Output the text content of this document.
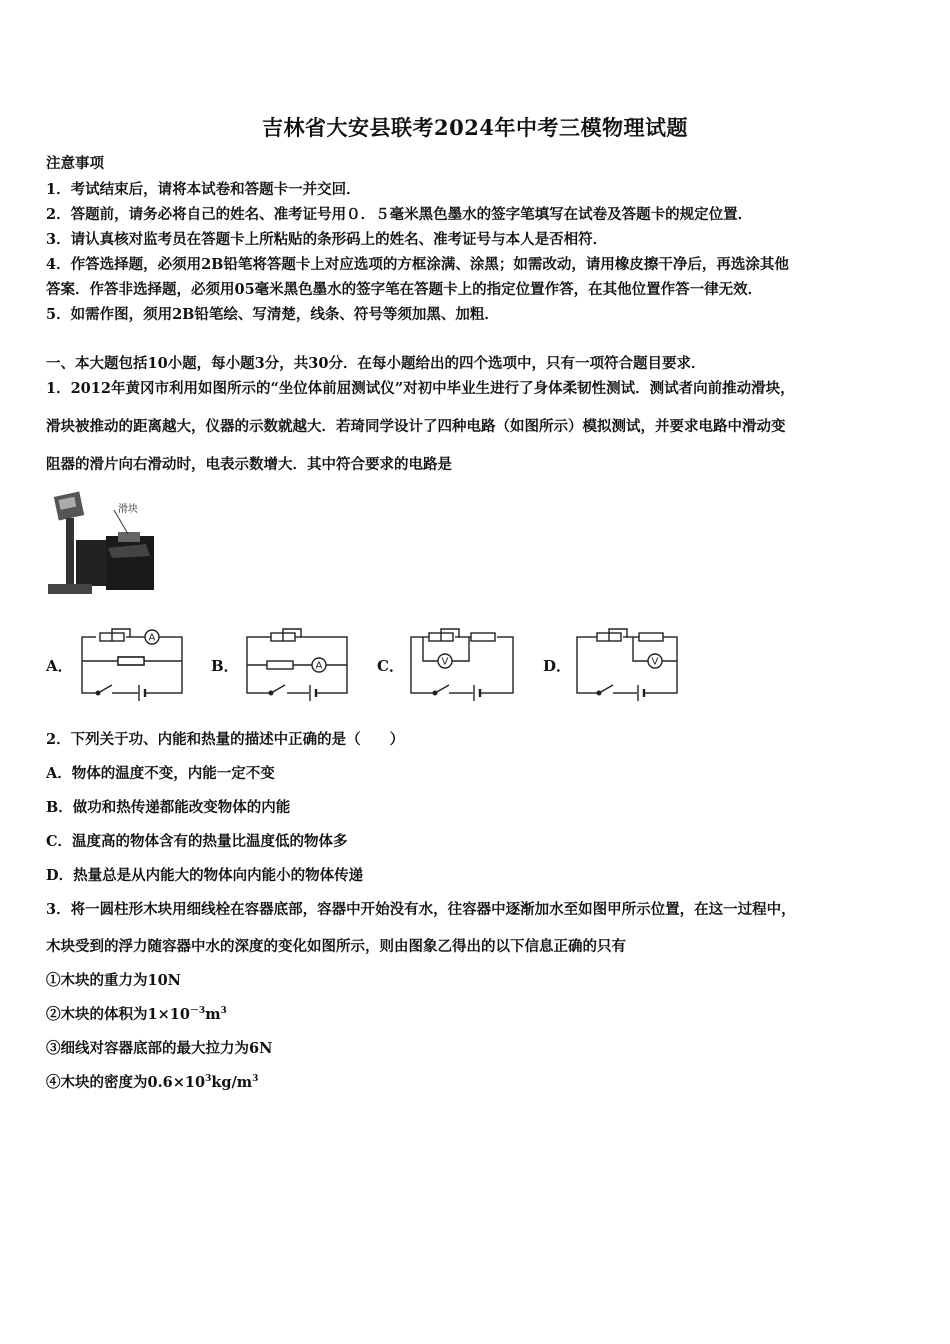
吉林省大安县联考2024年中考三模物理试题
注意事项
1．考试结束后，请将本试卷和答题卡一并交回．
2．答题前，请务必将自己的姓名、准考证号用０．５毫米黑色墨水的签字笔填写在试卷及答题卡的规定位置．
3．请认真核对监考员在答题卡上所粘贴的条形码上的姓名、准考证号与本人是否相符．
4．作答选择题，必须用2B铅笔将答题卡上对应选项的方框涂满、涂黑；如需改动，请用橡皮擦干净后，再选涂其他
答案．作答非选择题，必须用05毫米黑色墨水的签字笔在答题卡上的指定位置作答，在其他位置作答一律无效．
5．如需作图，须用2B铅笔绘、写清楚，线条、符号等须加黑、加粗．
一、本大题包括10小题，每小题3分，共30分．在每小题给出的四个选项中，只有一项符合题目要求．
1．2012年黄冈市利用如图所示的“坐位体前屈测试仪”对初中毕业生进行了身体柔韧性测试．测试者向前推动滑块，
滑块被推动的距离越大，仪器的示数就越大．若琦同学设计了四种电路（如图所示）模拟测试，并要求电路中滑动变
阻器的滑片向右滑动时，电表示数增大．其中符合要求的电路是
滑块
A．
A
B．	A	C．	V	D．	V
2．下列关于功、内能和热量的描述中正确的是（　　）
A．物体的温度不变，内能一定不变
B．做功和热传递都能改变物体的内能
C．温度高的物体含有的热量比温度低的物体多
D．热量总是从内能大的物体向内能小的物体传递
3．将一圆柱形木块用细线栓在容器底部，容器中开始没有水，往容器中逐渐加水至如图甲所示位置，在这一过程中，
木块受到的浮力随容器中水的深度的变化如图所示，则由图象乙得出的以下信息正确的只有
①木块的重力为10N
②木块的体积为$1\times 10^{-3}m^3$
③细线对容器底部的最大拉力为6N
④木块的密度为$0.6\times 10^3kg/m^3$
